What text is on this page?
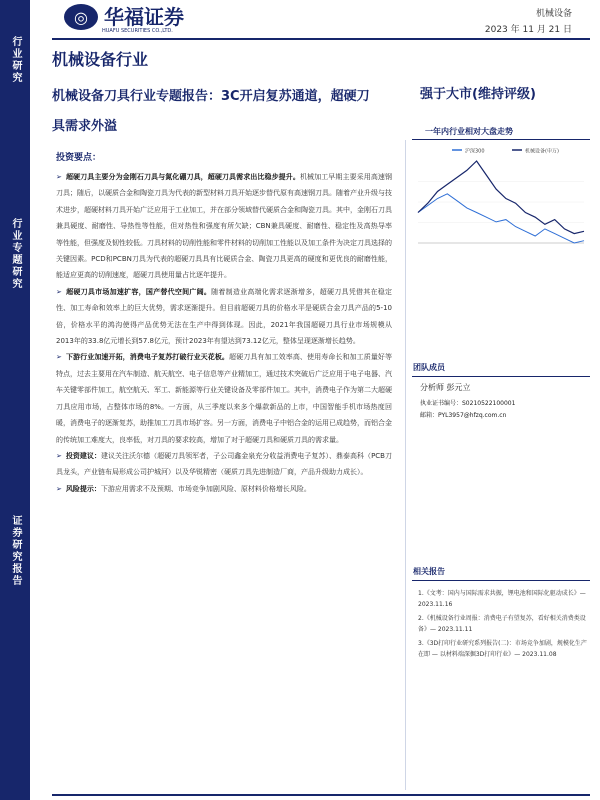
行业研究
行业专题研究
证券研究报告
◎ 华福证券
HUAFU SECURITIES CO.,LTD.
机械设备
2023 年 11 月 21 日
机械设备行业
机械设备刀具行业专题报告：3C开启复苏通道，超硬刀具需求外溢
强于大市(维持评级)
一年内行业相对大盘走势
沪深300	机械设备(申万)
团队成员
分析师 彭元立
执业证书编号：S0210522100001
邮箱：PYL3957@hfzq.com.cn
相关报告
1.《文考：国内与国际需求共振，锂电池和国际化驱动成长》— 2023.11.16
2.《机械设备行业周报：消费电子有望复苏，看好相关消费类设备》— 2023.11.11
3.《3D打印行业研究系列报告(二)：市场竞争加剧，规模化生产在即 — 以材料端深掘3D打印行业》— 2023.11.08
投资要点：
➢ 超硬刀具主要分为金刚石刀具与氮化硼刀具，超硬刀具需求出比稳步提升。机械加工早期主要采用高速钢刀具；随后，以硬质合金和陶瓷刀具为代表的新型材料刀具开始逐步替代原有高速钢刀具。随着产业升级与技术进步，超硬材料刀具开始广泛应用于工业加工，并在部分领域替代硬质合金和陶瓷刀具。其中，金刚石刀具兼具硬度、耐磨性、导热性等性能，但对热性和强度有所欠缺；CBN兼具硬度、耐磨性、稳定性及高热导率等性能，但强度及韧性较低。刀具材料的切削性能和零件材料的切削加工性能以及加工条件为决定刀具选择的关键因素。PCD和PCBN刀具为代表的超硬刀具具有比硬质合金、陶瓷刀具更高的硬度和更优良的耐磨性能，能适应更高的切削速度，超硬刀具使用量占比逐年提升。
➢ 超硬刀具市场加速扩容，国产替代空间广阔。随着制造业高端化需求逐渐增多，超硬刀具凭借其在稳定性、加工寿命和效率上的巨大优势，需求逐渐提升。但目前超硬刀具的价格水平是硬质合金刀具产品的5-10倍，价格水平的鸿沟使得产品优势无法在生产中得到体现。因此，2021年我国超硬刀具行业市场规模从2013年的33.8亿元增长到57.8亿元，预计2023年有望达到73.12亿元，整体呈现逐渐增长趋势。
➢ 下游行业加速开拓，消费电子复苏打破行业天花板。超硬刀具有加工效率高、使用寿命长和加工质量好等特点，过去主要用在汽车制造、航天航空、电子信息等产业精加工，通过技术突破后广泛应用于电子电器、汽车关键零部件加工，航空航天、军工、新能源等行业关键设备及零部件加工。其中，消费电子作为第二大超硬刀具应用市场，占整体市场的8%。一方面，从三季度以来多个爆款新品的上市，中国智能手机市场热度回暖，消费电子的逐渐复苏，助推加工刀具市场扩容。另一方面，消费电子中铝合金的运用已成趋势，而铝合金的传统加工难度大，良率低，对刀具的要求较高，增加了对于超硬刀具和硬质刀具的需求量。
➢ 投资建议：建议关注沃尔德（超硬刀具领军者，子公司鑫金泉充分收益消费电子复苏）、鼎泰高科（PCB刀具龙头，产业链布局形成公司护城河）以及华锐精密（硬质刀具先进制造厂商，产品升级助力成长）。
➢ 风险提示：下游应用需求不及预期、市场竞争加剧风险、原材料价格增长风险。
